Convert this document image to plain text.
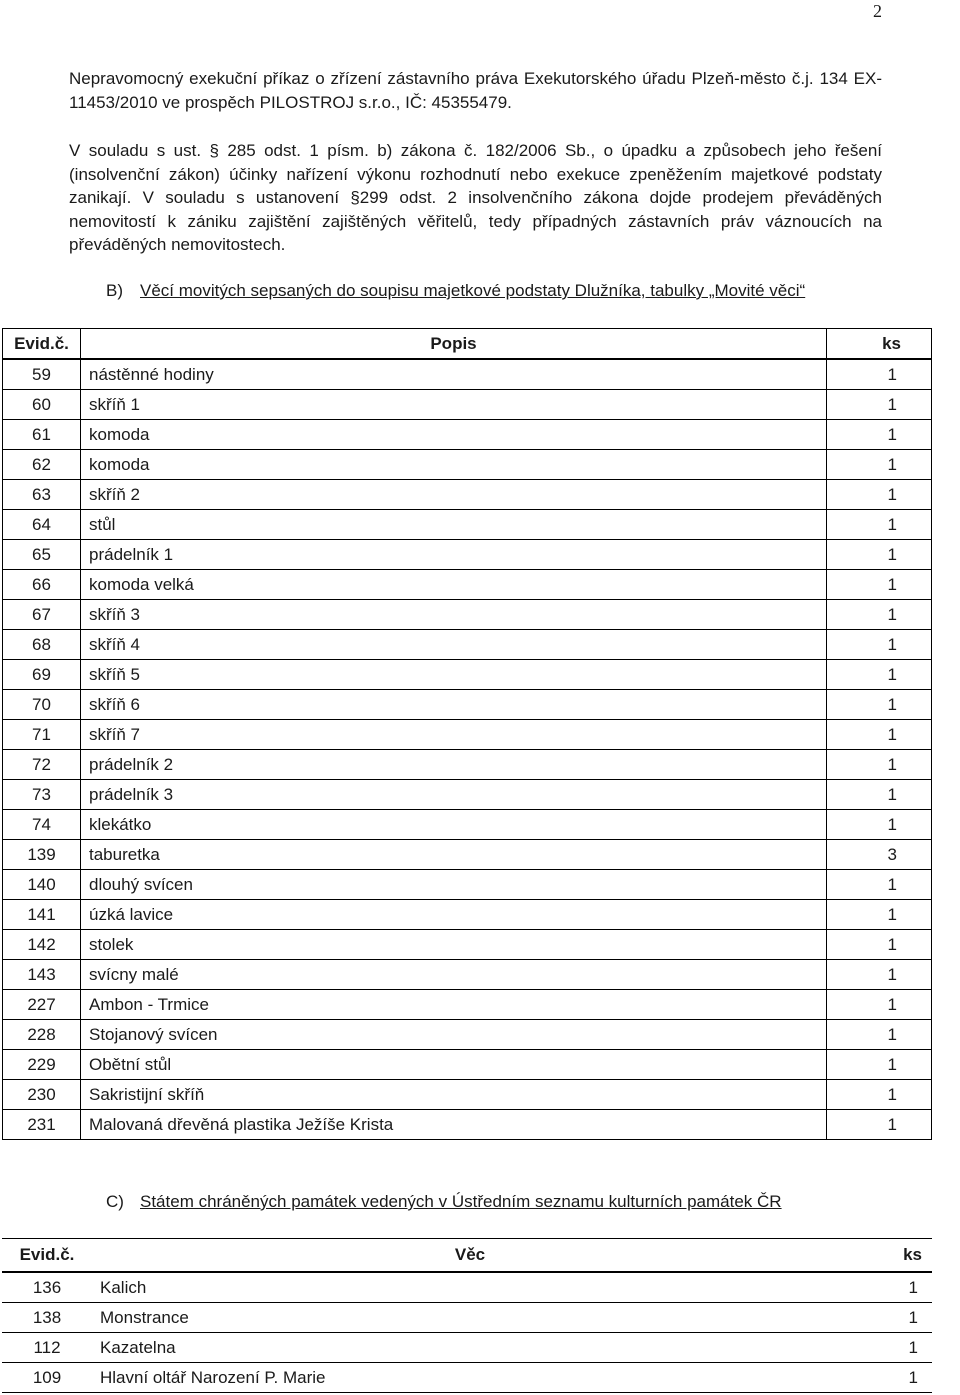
2

Nepravomocný exekuční příkaz o zřízení zástavního práva Exekutorského úřadu Plzeň-město č.j. 134 EX-11453/2010 ve prospěch PILOSTROJ s.r.o., IČ: 45355479.

V souladu s ust. § 285 odst. 1 písm. b) zákona č. 182/2006 Sb., o úpadku a způsobech jeho řešení (insolvenční zákon) účinky nařízení výkonu rozhodnutí nebo exekuce zpeněžením majetkové podstaty zanikají. V souladu s ustanovení §299 odst. 2 insolvenčního zákona dojde prodejem převáděných nemovitostí k zániku zajištění zajištěných věřitelů, tedy případných zástavních práv váznoucích na převáděných nemovitostech.

B) Věcí movitých sepsaných do soupisu majetkové podstaty Dlužníka, tabulky „Movité věci“
Evid.č.	Popis	ks
59	nástěnné hodiny	1
60	skříň 1	1
61	komoda	1
62	komoda	1
63	skříň 2	1
64	stůl	1
65	prádelník 1	1
66	komoda velká	1
67	skříň 3	1
68	skříň 4	1
69	skříň 5	1
70	skříň 6	1
71	skříň 7	1
72	prádelník 2	1
73	prádelník 3	1
74	klekátko	1
139	taburetka	3
140	dlouhý svícen	1
141	úzká lavice	1
142	stolek	1
143	svícny malé	1
227	Ambon - Trmice	1
228	Stojanový svícen	1
229	Obětní stůl	1
230	Sakristijní skříň	1
231	Malovaná dřevěná plastika Ježíše Krista	1
C) Státem chráněných památek vedených v Ústředním seznamu kulturních památek ČR
Evid.č.	Věc	ks
136	Kalich	1
138	Monstrance	1
112	Kazatelna	1
109	Hlavní oltář Narození P. Marie	1
